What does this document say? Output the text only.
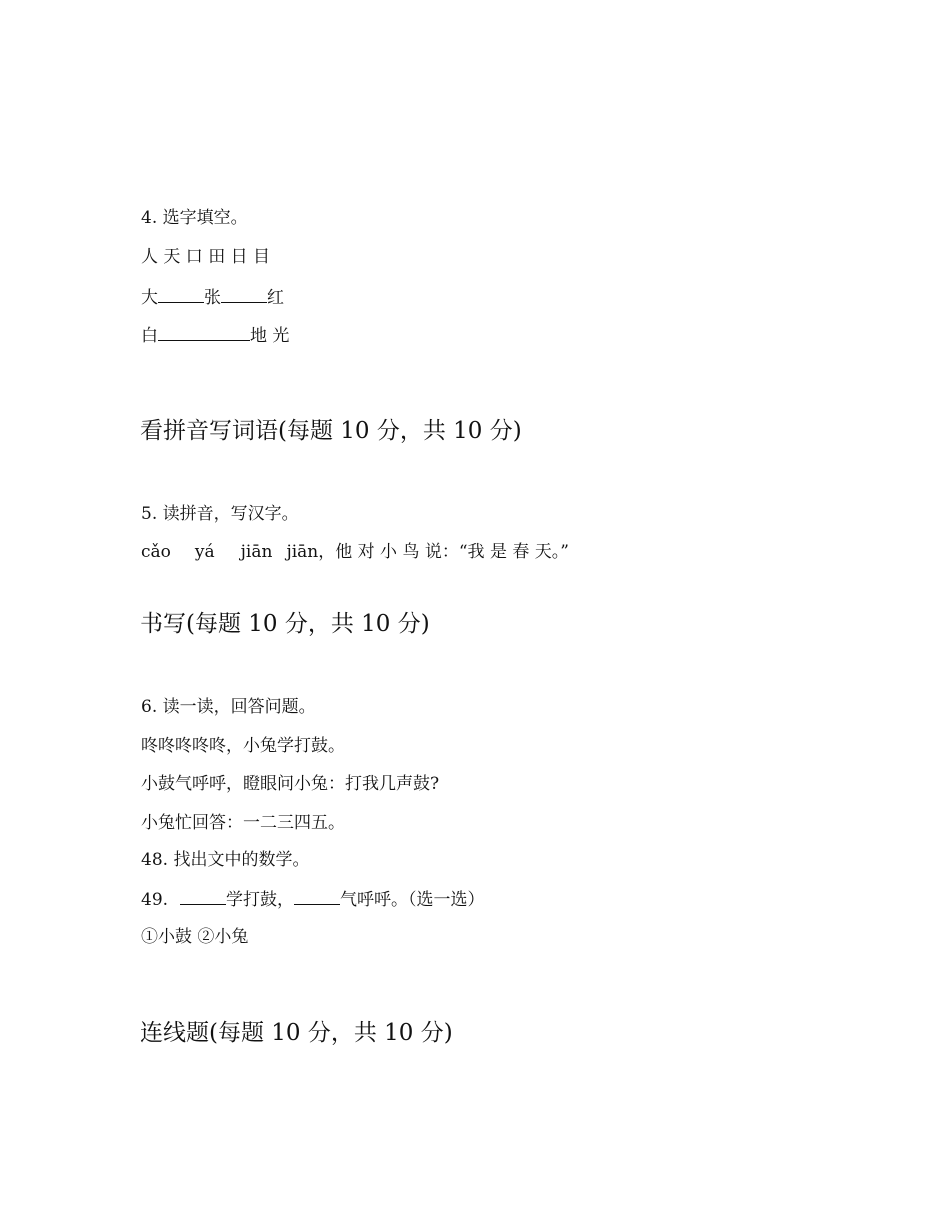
4. 选字填空。
人 天 口 田 日 目
大	张	红
白	地 光
看拼音写词语(每题 10 分，共 10 分)
5. 读拼音，写汉字。
cǎo yá jiān jiān，他 对 小 鸟 说：“我 是 春 天。”
书写(每题 10 分，共 10 分)
6. 读一读，回答问题。
咚咚咚咚咚，小兔学打鼓。
小鼓气呼呼，瞪眼问小兔：打我几声鼓?
小兔忙回答：一二三四五。
48. 找出文中的数学。
49.	学打鼓，	气呼呼。（选一选）
①小鼓 ②小兔
连线题(每题 10 分，共 10 分)
